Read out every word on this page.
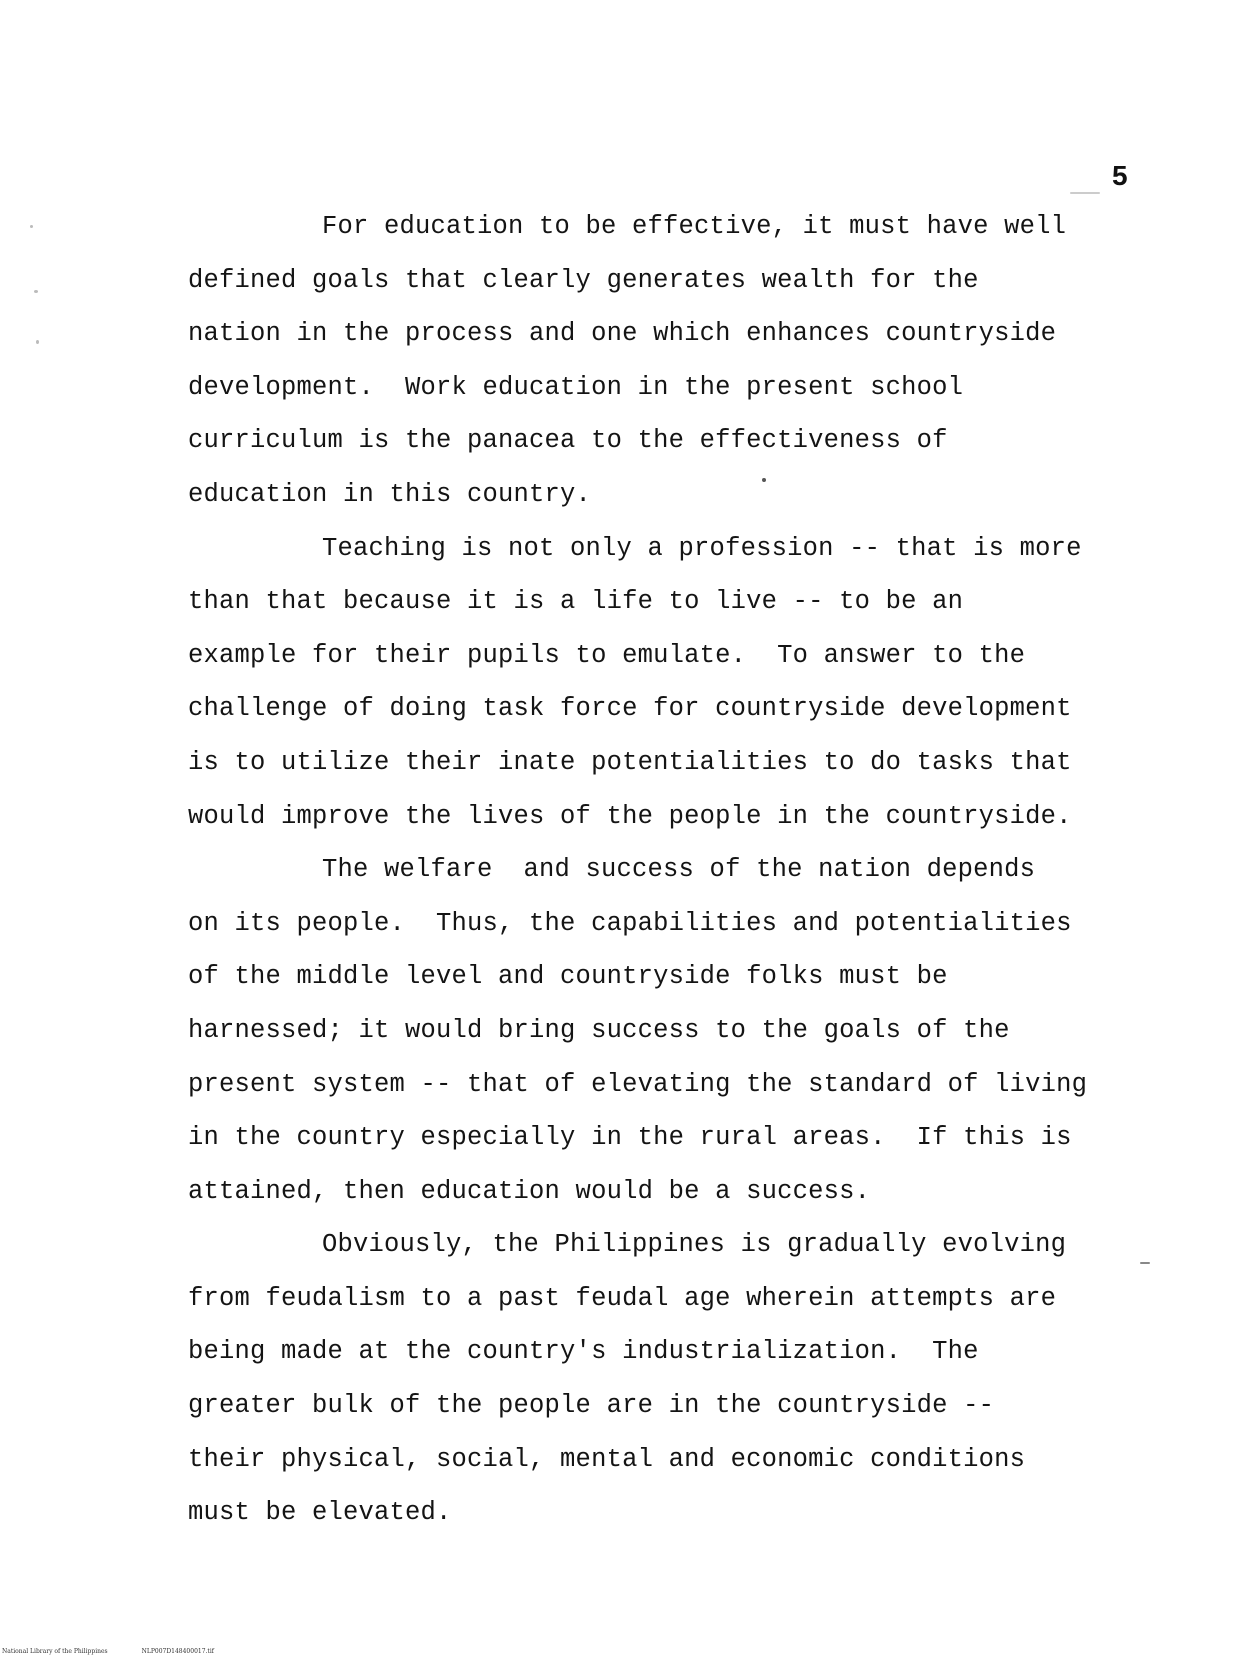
5
For education to be effective, it must have well
defined goals that clearly generates wealth for the
nation in the process and one which enhances countryside
development.  Work education in the present school
curriculum is the panacea to the effectiveness of
education in this country.
Teaching is not only a profession -- that is more
than that because it is a life to live -- to be an
example for their pupils to emulate.  To answer to the
challenge of doing task force for countryside development
is to utilize their inate potentialities to do tasks that
would improve the lives of the people in the countryside.
The welfare  and success of the nation depends
on its people.  Thus, the capabilities and potentialities
of the middle level and countryside folks must be
harnessed; it would bring success to the goals of the
present system -- that of elevating the standard of living
in the country especially in the rural areas.  If this is
attained, then education would be a success.
Obviously, the Philippines is gradually evolving
from feudalism to a past feudal age wherein attempts are
being made at the country's industrialization.  The
greater bulk of the people are in the countryside --
their physical, social, mental and economic conditions
must be elevated.
National Library of the Philippines	NLP007D148400017.tif
